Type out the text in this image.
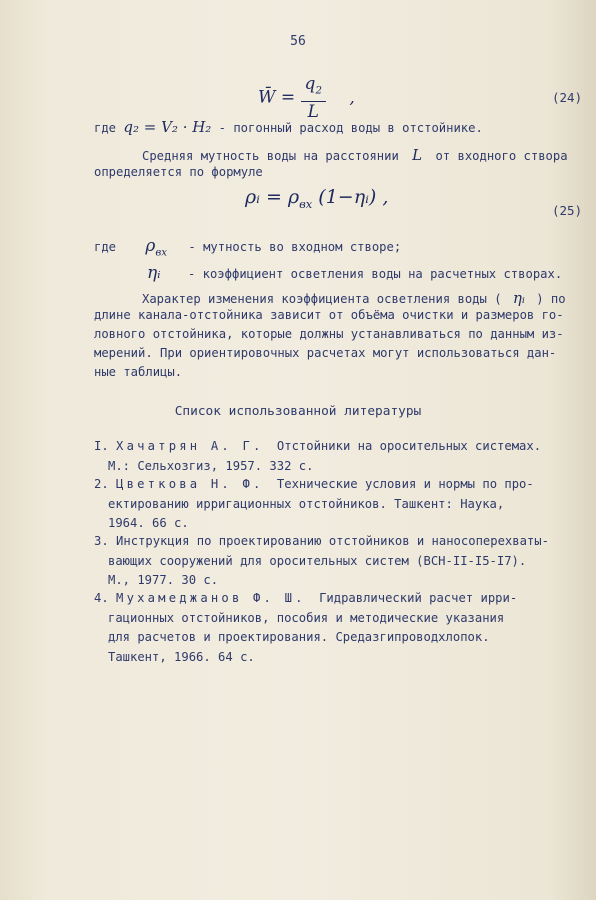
56
W̄ = $\frac{q_2}{L}$ ,	(24)
где q₂ = V₂ · H₂ - погонный расход воды в отстойнике.
Средняя мутность воды на расстоянии L от входного створа
определяется по формуле
ρᵢ = $\rho_{вх}$ (1−ηᵢ) ,
(25)
где $\rho_{вх}$ - мутность во входном створе;
ηᵢ - коэффициент осветления воды на расчетных створах.
Характер изменения коэффициента осветления воды ( ηᵢ ) по
длине канала-отстойника зависит от объёма очистки и размеров го-
ловного отстойника, которые должны устанавливаться по данным из-
мерений. При ориентировочных расчетах могут использоваться дан-
ные таблицы.
Список использованной литературы
I. Хачатрян А. Г. Отстойники на оросительных системах.
М.: Сельхозгиз, 1957. 332 с.
2. Цветкова Н. Ф. Технические условия и нормы по про-
ектированию ирригационных отстойников. Ташкент: Наука,
1964. 66 с.
3. Инструкция по проектированию отстойников и наносоперехваты-
вающих сооружений для оросительных систем (ВСН-II-I5-I7).
М., 1977. 30 с.
4. Мухамеджанов Ф. Ш. Гидравлический расчет ирри-
гационных отстойников, пособия и методические указания
для расчетов и проектирования. Средазгипроводхлопок.
Ташкент, 1966. 64 с.
